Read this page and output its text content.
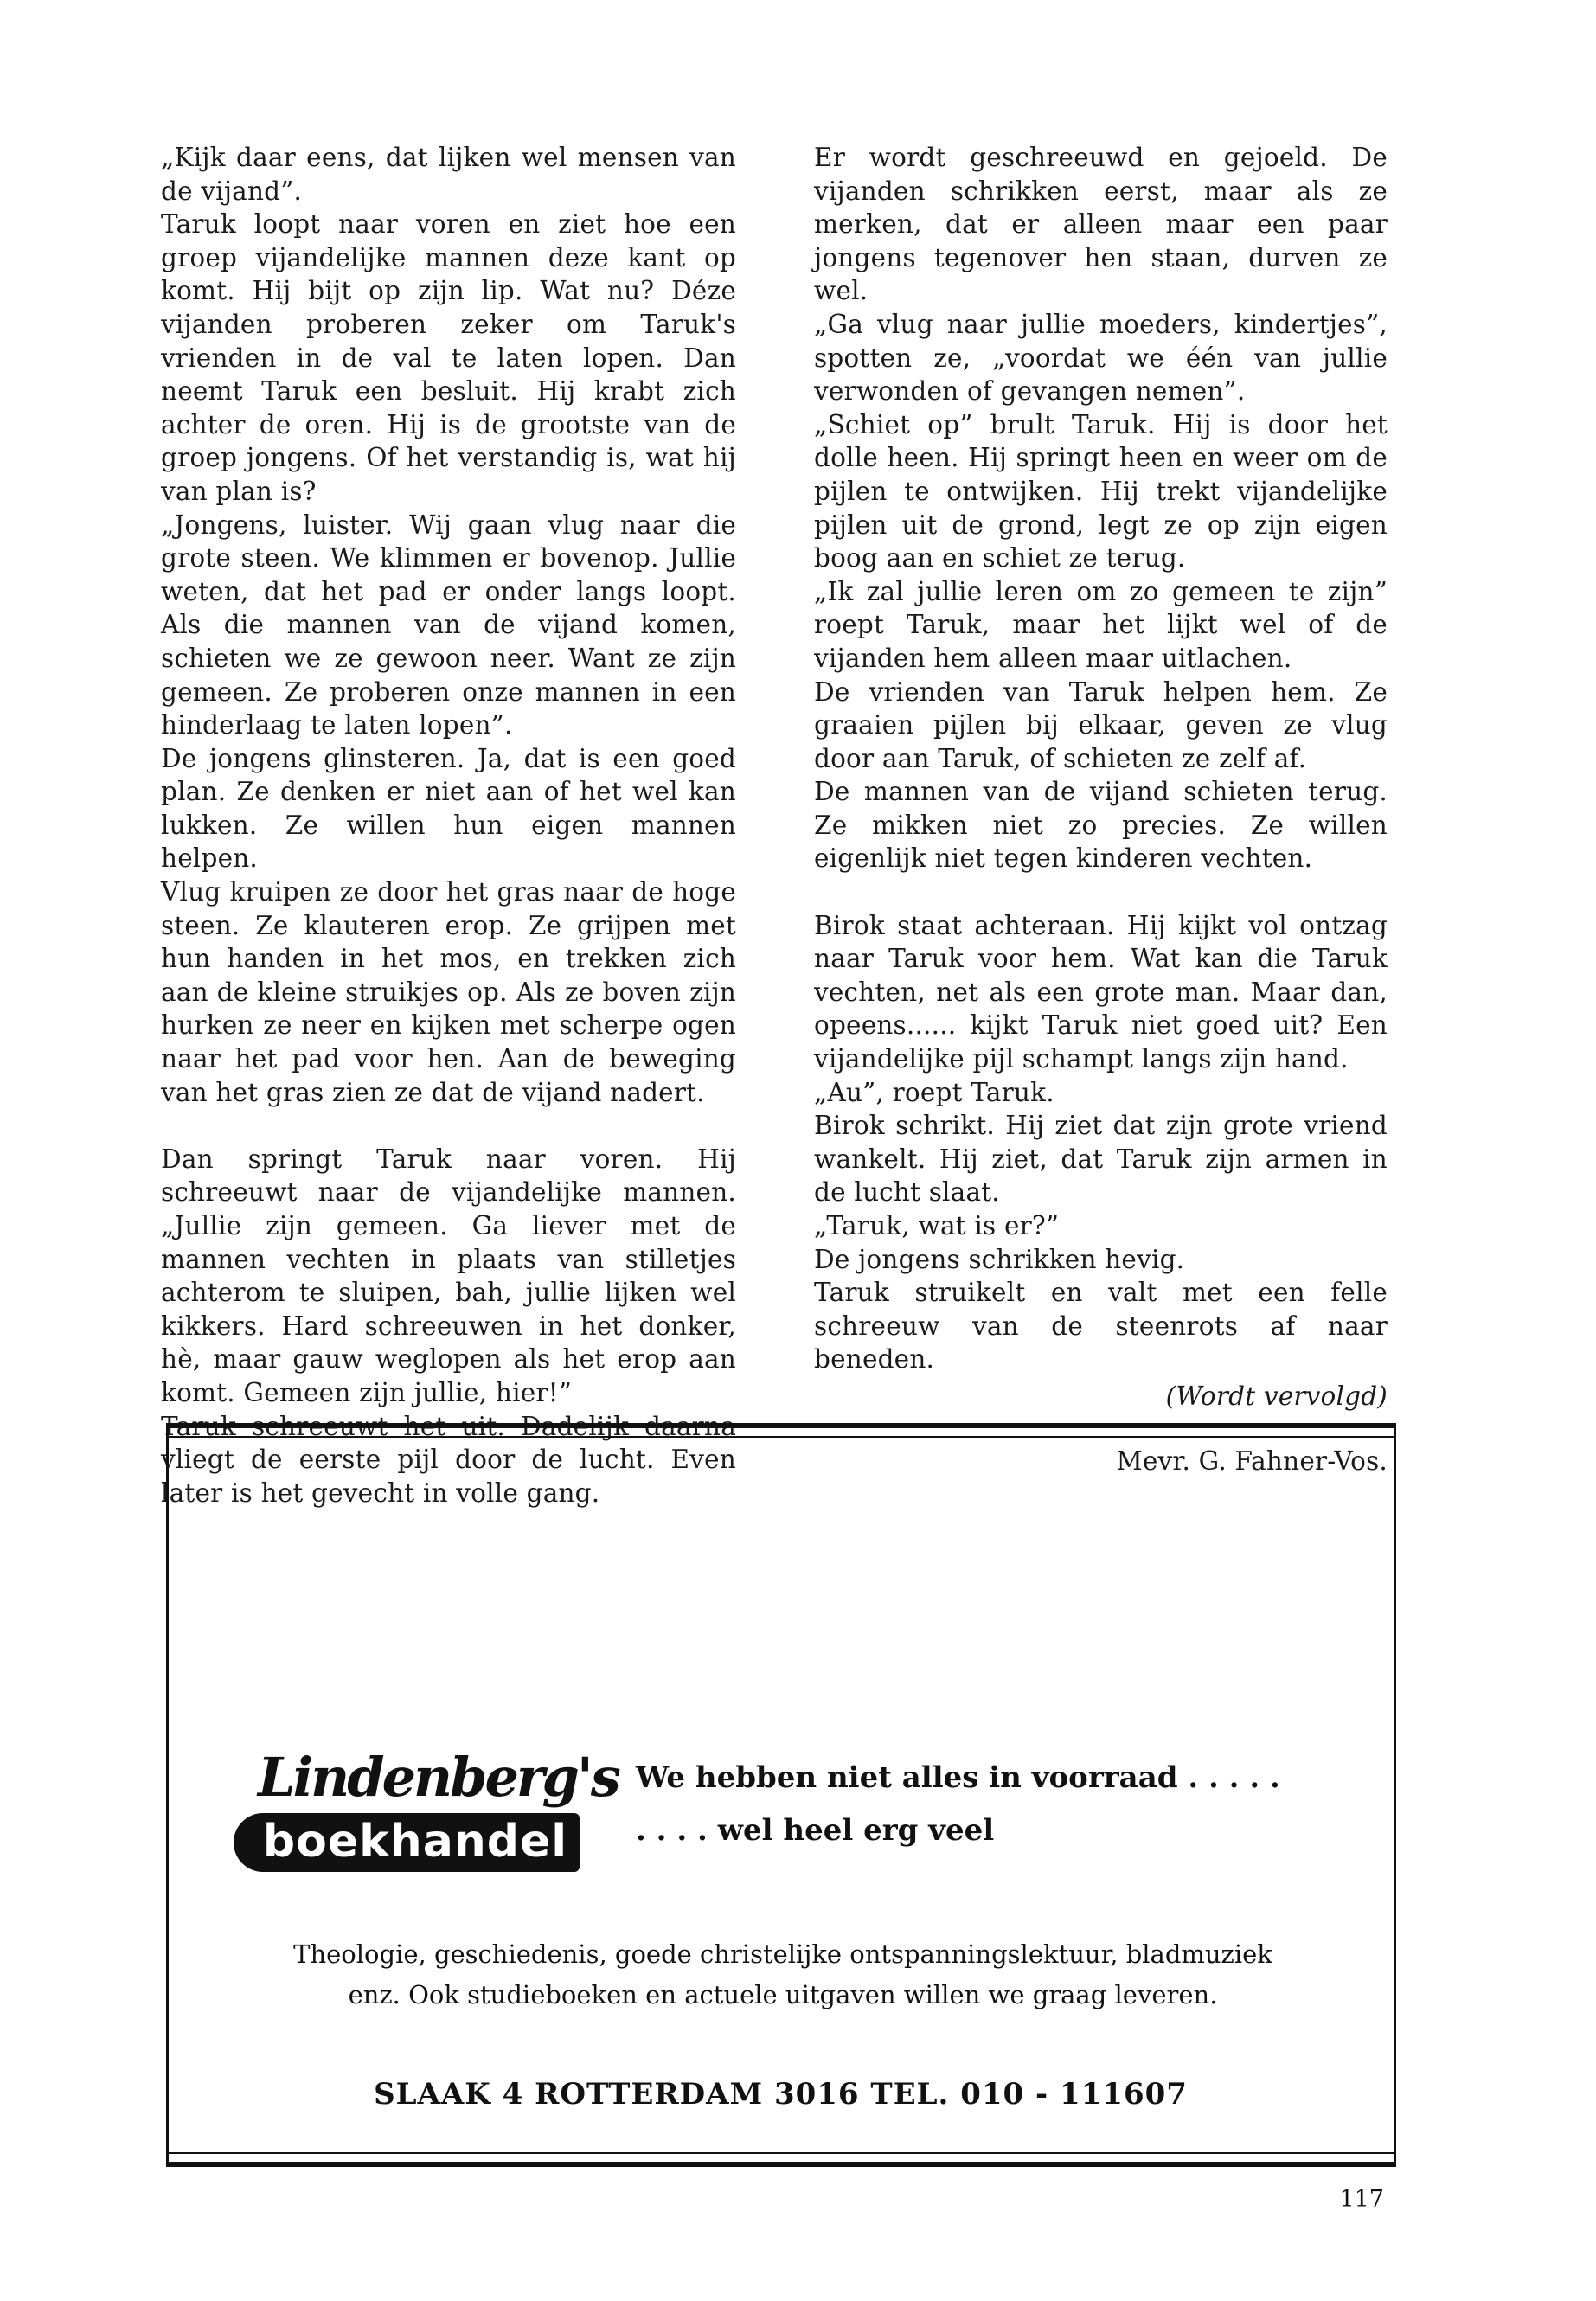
„Kijk daar eens, dat lijken wel mensen van de vijand”.

Taruk loopt naar voren en ziet hoe een groep vijandelijke mannen deze kant op komt. Hij bijt op zijn lip. Wat nu? Déze vijanden proberen zeker om Taruk's vrienden in de val te laten lopen. Dan neemt Taruk een besluit. Hij krabt zich achter de oren. Hij is de grootste van de groep jongens. Of het verstandig is, wat hij van plan is?

„Jongens, luister. Wij gaan vlug naar die grote steen. We klimmen er bovenop. Jullie weten, dat het pad er onder langs loopt. Als die mannen van de vijand komen, schieten we ze gewoon neer. Want ze zijn gemeen. Ze proberen onze mannen in een hinderlaag te laten lopen”.

De jongens glinsteren. Ja, dat is een goed plan. Ze denken er niet aan of het wel kan lukken. Ze willen hun eigen mannen helpen.

Vlug kruipen ze door het gras naar de hoge steen. Ze klauteren erop. Ze grijpen met hun handen in het mos, en trekken zich aan de kleine struikjes op. Als ze boven zijn hurken ze neer en kijken met scherpe ogen naar het pad voor hen. Aan de beweging van het gras zien ze dat de vijand nadert.

Dan springt Taruk naar voren. Hij schreeuwt naar de vijandelijke mannen. „Jullie zijn gemeen. Ga liever met de mannen vechten in plaats van stilletjes achterom te sluipen, bah, jullie lijken wel kikkers. Hard schreeuwen in het donker, hè, maar gauw weglopen als het erop aan komt. Gemeen zijn jullie, hier!”

Taruk schreeuwt het uit. Dadelijk daarna vliegt de eerste pijl door de lucht. Even later is het gevecht in volle gang.

Er wordt geschreeuwd en gejoeld. De vijanden schrikken eerst, maar als ze merken, dat er alleen maar een paar jongens tegenover hen staan, durven ze wel.

„Ga vlug naar jullie moeders, kindertjes”, spotten ze, „voordat we één van jullie verwonden of gevangen nemen”.

„Schiet op” brult Taruk. Hij is door het dolle heen. Hij springt heen en weer om de pijlen te ontwijken. Hij trekt vijandelijke pijlen uit de grond, legt ze op zijn eigen boog aan en schiet ze terug.

„Ik zal jullie leren om zo gemeen te zijn” roept Taruk, maar het lijkt wel of de vijanden hem alleen maar uitlachen.

De vrienden van Taruk helpen hem. Ze graaien pijlen bij elkaar, geven ze vlug door aan Taruk, of schieten ze zelf af.

De mannen van de vijand schieten terug. Ze mikken niet zo precies. Ze willen eigenlijk niet tegen kinderen vechten.

Birok staat achteraan. Hij kijkt vol ontzag naar Taruk voor hem. Wat kan die Taruk vechten, net als een grote man. Maar dan, opeens...... kijkt Taruk niet goed uit? Een vijandelijke pijl schampt langs zijn hand.

„Au”, roept Taruk.

Birok schrikt. Hij ziet dat zijn grote vriend wankelt. Hij ziet, dat Taruk zijn armen in de lucht slaat.

„Taruk, wat is er?”

De jongens schrikken hevig.

Taruk struikelt en valt met een felle schreeuw van de steenrots af naar beneden.

(Wordt vervolgd)

Mevr. G. Fahner-Vos.

Lindenberg's
boekhandel
We hebben niet alles in voorraad . . . . .
. . . . wel heel erg veel
Theologie, geschiedenis, goede christelijke ontspanningslektuur, bladmuziek
enz. Ook studieboeken en actuele uitgaven willen we graag leveren.
SLAAK 4 ROTTERDAM 3016 TEL. 010 - 111607
117
